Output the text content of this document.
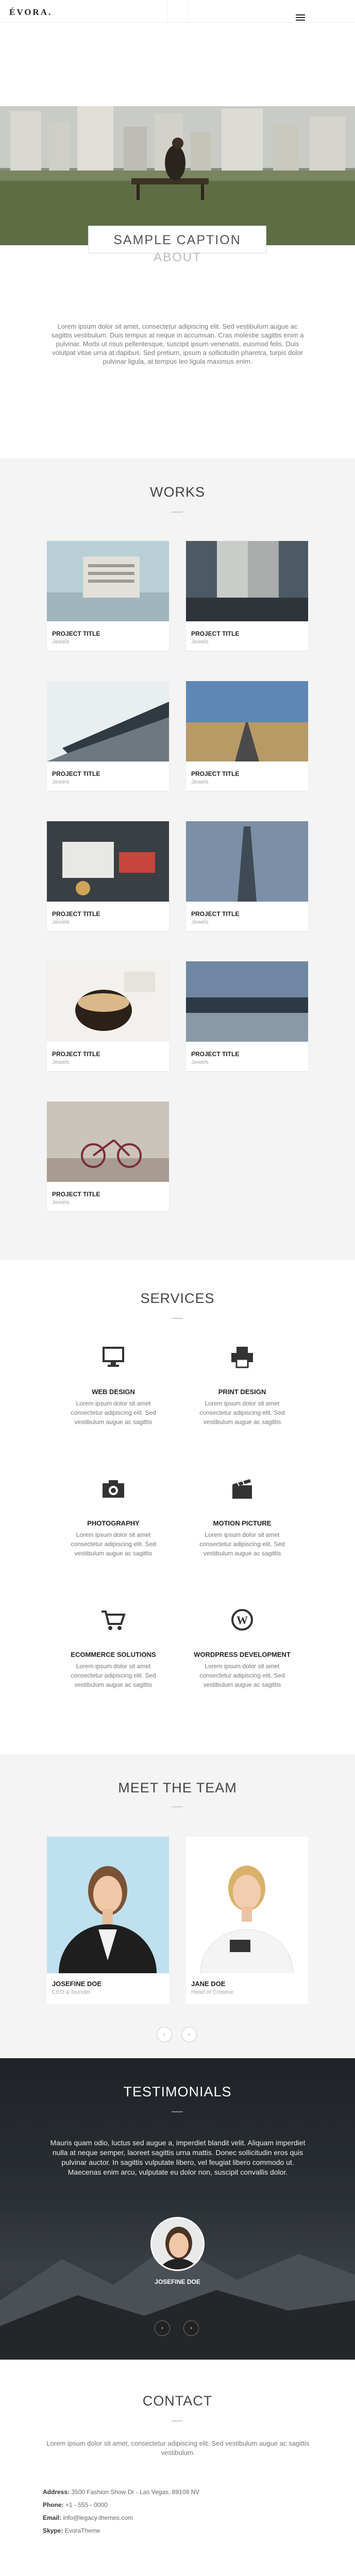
ÉVORA.
SAMPLE CAPTION
ABOUT
Lorem ipsum dolor sit amet, consectetur adipiscing elit. Sed vestibulum augue ac sagittis vestibulum. Duis tempus at neque in accumsan. Cras molestie sagittis enim a pulvinar. Morbi ut risus pellentesque, suscipit ipsum venenatis, euismod felis. Duis volutpat vitae urna at dapibus. Sed pretium, ipsum a sollicitudin pharetra, turpis dolor pulvinar ligula, at tempus leo ligula maximus enim.
WORKS
PROJECT TITLE
Jewels
PROJECT TITLE
Jewels
PROJECT TITLE
Jewels
PROJECT TITLE
Jewels
PROJECT TITLE
Jewels
PROJECT TITLE
Jewels
PROJECT TITLE
Jewels
PROJECT TITLE
Jewels
PROJECT TITLE
Jewels
SERVICES
WEB DESIGN
Lorem ipsum dolor sit amet consectetur adipiscing elit. Sed vestibulum augue ac sagittis
PRINT DESIGN
Lorem ipsum dolor sit amet consectetur adipiscing elit. Sed vestibulum augue ac sagittis
PHOTOGRAPHY
Lorem ipsum dolor sit amet consectetur adipiscing elit. Sed vestibulum augue ac sagittis
MOTION PICTURE
Lorem ipsum dolor sit amet consectetur adipiscing elit. Sed vestibulum augue ac sagittis
ECOMMERCE SOLUTIONS
Lorem ipsum dolor sit amet consectetur adipiscing elit. Sed vestibulum augue ac sagittis
W
WORDPRESS DEVELOPMENT
Lorem ipsum dolor sit amet consectetur adipiscing elit. Sed vestibulum augue ac sagittis
MEET THE TEAM
JOSEFINE DOE
CEO & founder
JANE DOE
Head of Creative
‹	›
TESTIMONIALS
Mauris quam odio, luctus sed augue a, imperdiet blandit velit. Aliquam imperdiet nulla at neque semper, laoreet sagittis urna mattis. Donec sollicitudin eros quis pulvinar auctor. In sagittis vulputate libero, vel feugiat libero commodo ut. Maecenas enim arcu, vulputate eu dolor non, suscipit convallis dolor.
JOSEFINE DOE
‹	›
CONTACT
Lorem ipsum dolor sit amet, consectetur adipiscing elit. Sed vestibulum augue ac sagittis vestibulum.
Address: 3500 Fashion Show Dr - Las Vegas, 89109 NV
Phone: +1 - 555 - 0000
Email: info@legacy-themes.com
Skype: EvoraTheme
